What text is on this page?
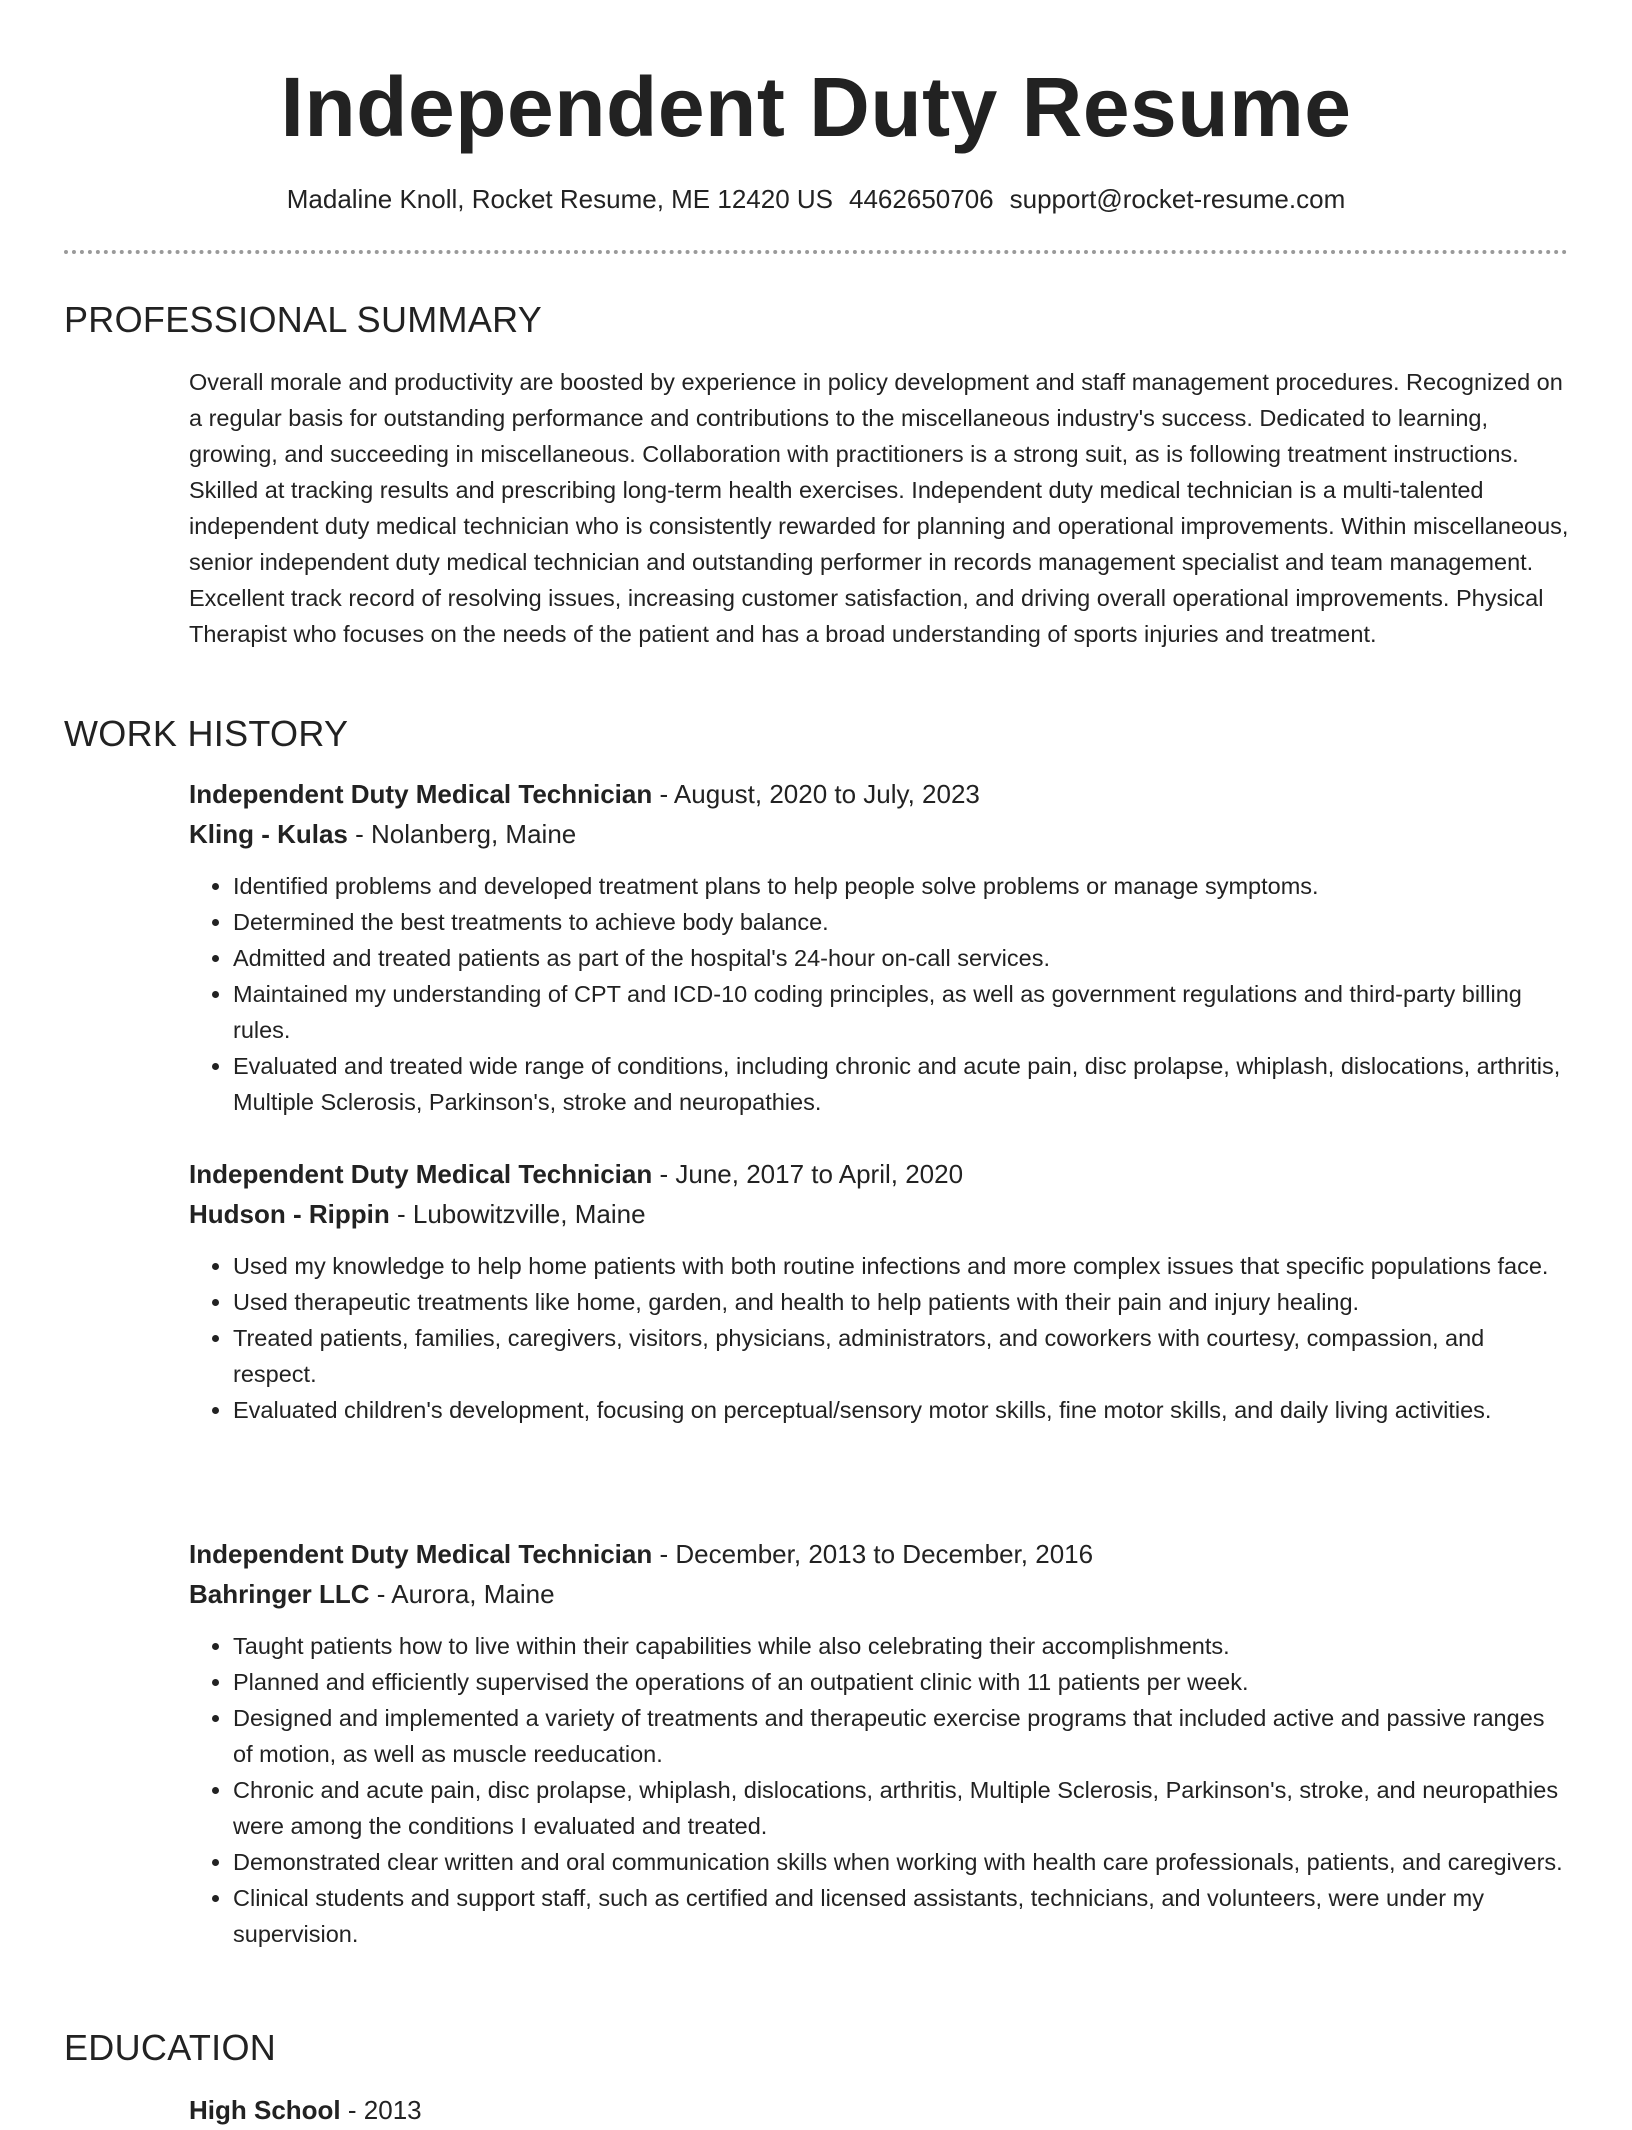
Independent Duty Resume
Madaline Knoll, Rocket Resume, ME 12420 US 4462650706 support@rocket-resume.com
PROFESSIONAL SUMMARY

Overall morale and productivity are boosted by experience in policy development and staff management procedures. Recognized on a regular basis for outstanding performance and contributions to the miscellaneous industry's success. Dedicated to learning, growing, and succeeding in miscellaneous. Collaboration with practitioners is a strong suit, as is following treatment instructions. Skilled at tracking results and prescribing long-term health exercises. Independent duty medical technician is a multi-talented independent duty medical technician who is consistently rewarded for planning and operational improvements. Within miscellaneous, senior independent duty medical technician and outstanding performer in records management specialist and team management. Excellent track record of resolving issues, increasing customer satisfaction, and driving overall operational improvements. Physical Therapist who focuses on the needs of the patient and has a broad understanding of sports injuries and treatment.

WORK HISTORY
Independent Duty Medical Technician - August, 2020 to July, 2023
Kling - Kulas - Nolanberg, Maine
• Identified problems and developed treatment plans to help people solve problems or manage symptoms.
• Determined the best treatments to achieve body balance.
• Admitted and treated patients as part of the hospital's 24-hour on-call services.
• Maintained my understanding of CPT and ICD-10 coding principles, as well as government regulations and third-party billing rules.
• Evaluated and treated wide range of conditions, including chronic and acute pain, disc prolapse, whiplash, dislocations, arthritis, Multiple Sclerosis, Parkinson's, stroke and neuropathies.
Independent Duty Medical Technician - June, 2017 to April, 2020
Hudson - Rippin - Lubowitzville, Maine
• Used my knowledge to help home patients with both routine infections and more complex issues that specific populations face.
• Used therapeutic treatments like home, garden, and health to help patients with their pain and injury healing.
• Treated patients, families, caregivers, visitors, physicians, administrators, and coworkers with courtesy, compassion, and respect.
• Evaluated children's development, focusing on perceptual/sensory motor skills, fine motor skills, and daily living activities.
Independent Duty Medical Technician - December, 2013 to December, 2016
Bahringer LLC - Aurora, Maine
• Taught patients how to live within their capabilities while also celebrating their accomplishments.
• Planned and efficiently supervised the operations of an outpatient clinic with 11 patients per week.
• Designed and implemented a variety of treatments and therapeutic exercise programs that included active and passive ranges of motion, as well as muscle reeducation.
• Chronic and acute pain, disc prolapse, whiplash, dislocations, arthritis, Multiple Sclerosis, Parkinson's, stroke, and neuropathies were among the conditions I evaluated and treated.
• Demonstrated clear written and oral communication skills when working with health care professionals, patients, and caregivers.
• Clinical students and support staff, such as certified and licensed assistants, technicians, and volunteers, were under my supervision.
EDUCATION
High School - 2013
